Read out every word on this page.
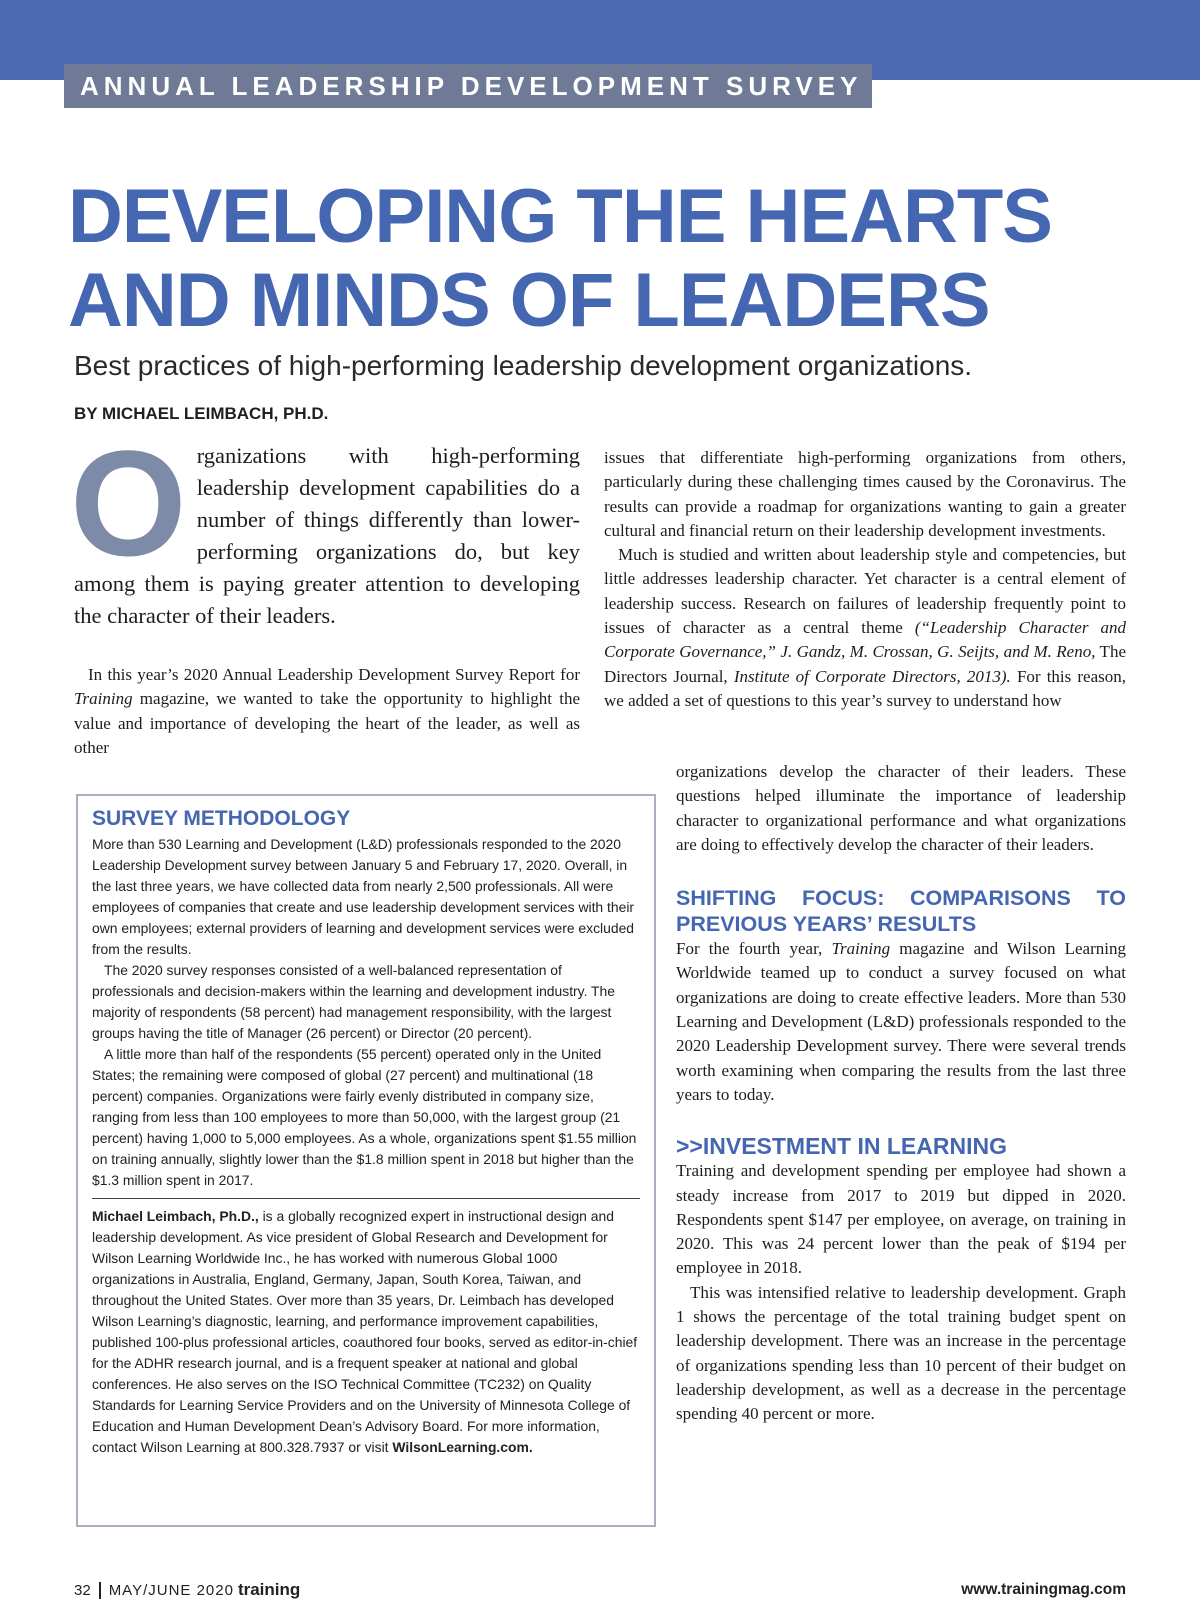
ANNUAL LEADERSHIP DEVELOPMENT SURVEY
DEVELOPING THE HEARTS
AND MINDS OF LEADERS
Best practices of high-performing leadership development organizations.
BY MICHAEL LEIMBACH, PH.D.
O rganizations with high-performing leadership development capabilities do a number of things differently than lower-performing organizations do, but key among them is paying greater attention to developing the character of their leaders.

In this year’s 2020 Annual Leadership Development Survey Report for Training magazine, we wanted to take the opportunity to highlight the value and importance of developing the heart of the leader, as well as other

issues that differentiate high-performing organizations from others, particularly during these challenging times caused by the Coronavirus. The results can provide a roadmap for organizations wanting to gain a greater cultural and financial return on their leadership development investments.

Much is studied and written about leadership style and competencies, but little addresses leadership character. Yet character is a central element of leadership success. Research on failures of leadership frequently point to issues of character as a central theme (“Leadership Character and Corporate Governance,” J. Gandz, M. Crossan, G. Seijts, and M. Reno, The Directors Journal, Institute of Corporate Directors, 2013). For this reason, we added a set of questions to this year’s survey to understand how

organizations develop the character of their leaders. These questions helped illuminate the importance of leadership character to organizational performance and what organizations are doing to effectively develop the character of their leaders.

SHIFTING FOCUS: COMPARISONS TO PREVIOUS YEARS’ RESULTS

For the fourth year, Training magazine and Wilson Learning Worldwide teamed up to conduct a survey focused on what organizations are doing to create effective leaders. More than 530 Learning and Development (L&D) professionals responded to the 2020 Leadership Development survey. There were several trends worth examining when comparing the results from the last three years to today.

>>INVESTMENT IN LEARNING

Training and development spending per employee had shown a steady increase from 2017 to 2019 but dipped in 2020. Respondents spent $147 per employee, on average, on training in 2020. This was 24 percent lower than the peak of $194 per employee in 2018.

This was intensified relative to leadership development. Graph 1 shows the percentage of the total training budget spent on leadership development. There was an increase in the percentage of organizations spending less than 10 percent of their budget on leadership development, as well as a decrease in the percentage spending 40 percent or more.

SURVEY METHODOLOGY

More than 530 Learning and Development (L&D) professionals responded to the 2020 Leadership Development survey between January 5 and February 17, 2020. Overall, in the last three years, we have collected data from nearly 2,500 professionals. All were employees of companies that create and use leadership development services with their own employees; external providers of learning and development services were excluded from the results.

The 2020 survey responses consisted of a well-balanced representation of professionals and decision-makers within the learning and development industry. The majority of respondents (58 percent) had management responsibility, with the largest groups having the title of Manager (26 percent) or Director (20 percent).

A little more than half of the respondents (55 percent) operated only in the United States; the remaining were composed of global (27 percent) and multinational (18 percent) companies. Organizations were fairly evenly distributed in company size, ranging from less than 100 employees to more than 50,000, with the largest group (21 percent) having 1,000 to 5,000 employees. As a whole, organizations spent $1.55 million on training annually, slightly lower than the $1.8 million spent in 2018 but higher than the $1.3 million spent in 2017.

Michael Leimbach, Ph.D., is a globally recognized expert in instructional design and leadership development. As vice president of Global Research and Development for Wilson Learning Worldwide Inc., he has worked with numerous Global 1000 organizations in Australia, England, Germany, Japan, South Korea, Taiwan, and throughout the United States. Over more than 35 years, Dr. Leimbach has developed Wilson Learning’s diagnostic, learning, and performance improvement capabilities, published 100-plus professional articles, coauthored four books, served as editor-in-chief for the ADHR research journal, and is a frequent speaker at national and global conferences. He also serves on the ISO Technical Committee (TC232) on Quality Standards for Learning Service Providers and on the University of Minnesota College of Education and Human Development Dean’s Advisory Board. For more information, contact Wilson Learning at 800.328.7937 or visit WilsonLearning.com.

32 MAY/JUNE 2020 training	www.trainingmag.com
